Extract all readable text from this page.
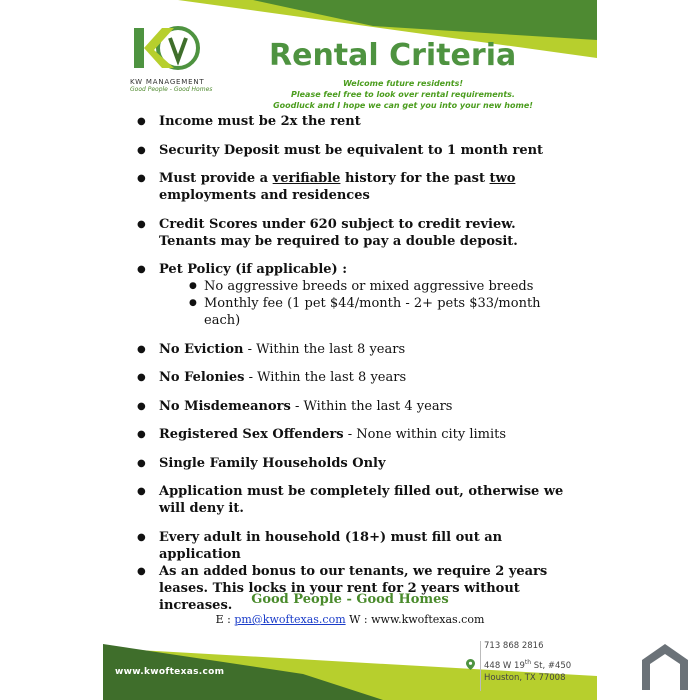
KW MANAGEMENT
Good People - Good Homes
Rental Criteria
Welcome future residents!
Please feel free to look over rental requirements.
Goodluck and I hope we can get you into your new home!
● Income must be 2x the rent
● Security Deposit must be equivalent to 1 month rent
● Must provide a verifiable history for the past two employments and residences
● Credit Scores under 620 subject to credit review. Tenants may be required to pay a double deposit.
● Pet Policy (if applicable) :
● No aggressive breeds or mixed aggressive breeds
● Monthly fee (1 pet $44/month - 2+ pets $33/month each)
● No Eviction - Within the last 8 years
● No Felonies - Within the last 8 years
● No Misdemeanors - Within the last 4 years
● Registered Sex Offenders - None within city limits
● Single Family Households Only
● Application must be completely filled out, otherwise we will deny it.
● Every adult in household (18+) must fill out an application
● As an added bonus to our tenants, we require 2 years leases. This locks in your rent for 2 years without increases.	Good People - Good Homes
E : pm@kwoftexas.com W : www.kwoftexas.com
www.kwoftexas.com
713 868 2816
448 W 19th St, #450
Houston, TX 77008
